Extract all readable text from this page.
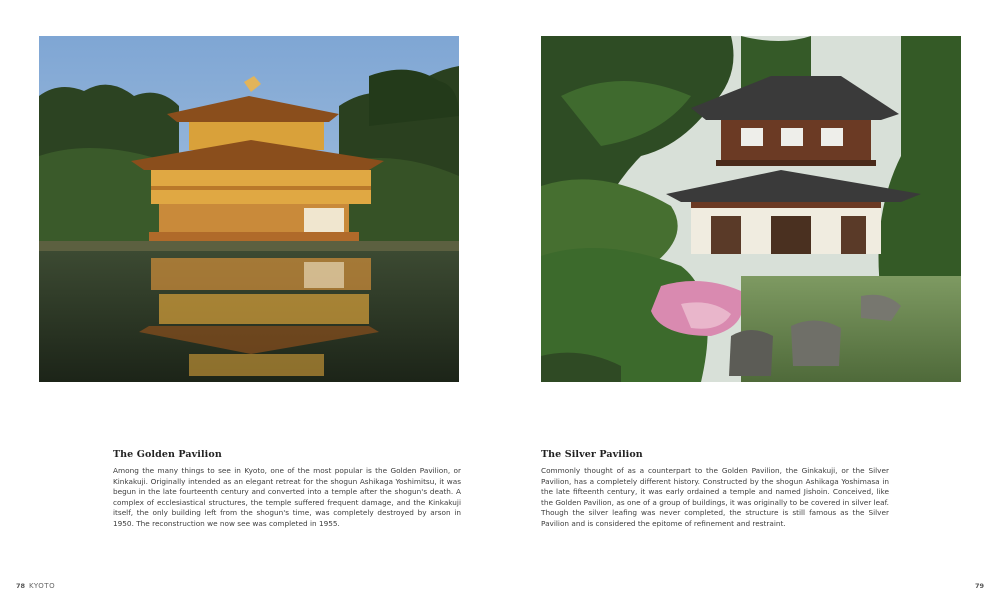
The Golden Pavilion

Among the many things to see in Kyoto, one of the most popular is the Golden Pavilion, or Kinkakuji. Originally intended as an elegant retreat for the shogun Ashikaga Yoshimitsu, it was begun in the late fourteenth century and converted into a temple after the shogun's death. A complex of ecclesiastical structures, the temple suffered frequent damage, and the Kinkakuji itself, the only building left from the shogun's time, was completely destroyed by arson in 1950. The reconstruction we now see was completed in 1955.

The Silver Pavilion

Commonly thought of as a counterpart to the Golden Pavilion, the Ginkakuji, or the Silver Pavilion, has a completely different history. Constructed by the shogun Ashikaga Yoshimasa in the late fifteenth century, it was early ordained a temple and named Jishoin. Conceived, like the Golden Pavilion, as one of a group of buildings, it was originally to be covered in silver leaf. Though the silver leafing was never completed, the structure is still famous as the Silver Pavilion and is considered the epitome of refinement and restraint.

78 KYOTO	79
